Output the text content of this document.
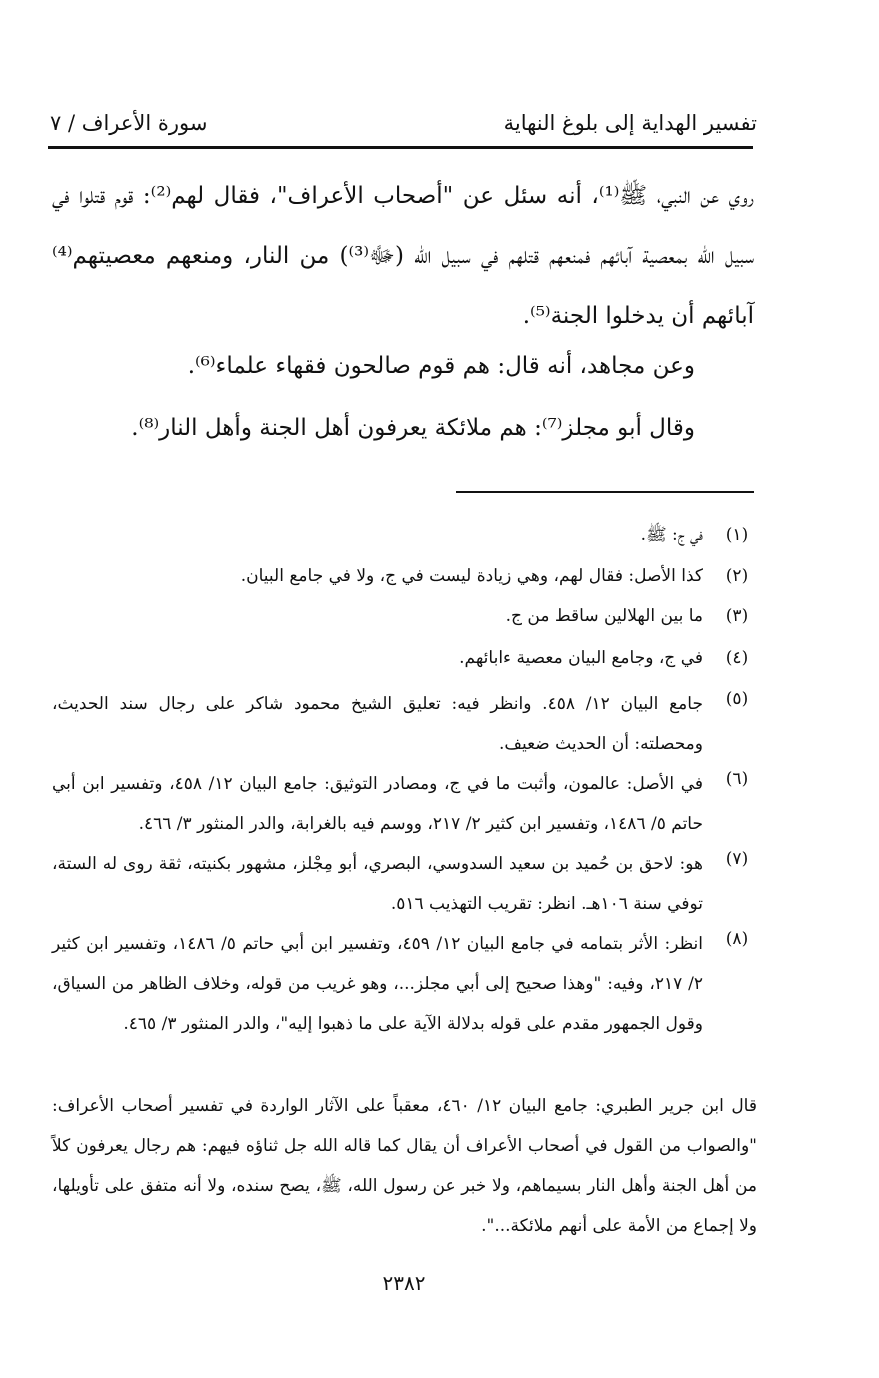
تفسير الهداية إلى بلوغ النهاية
سورة الأعراف / ٧
روي عن النبي، ﷺ⁽¹⁾، أنه سئل عن "أصحاب الأعراف"، فقال لهم⁽²⁾: قوم قتلوا في سبيل الله بمعصية آبائهم فمنعهم قتلهم في سبيل الله (ﷻ⁽³⁾) من النار، ومنعهم معصيتهم⁽⁴⁾ آبائهم أن يدخلوا الجنة⁽⁵⁾.
وعن مجاهد، أنه قال: هم قوم صالحون فقهاء علماء⁽⁶⁾.
وقال أبو مجلز⁽⁷⁾: هم ملائكة يعرفون أهل الجنة وأهل النار⁽⁸⁾.
(١)
في ج: ﷺ.
(٢)
كذا الأصل: فقال لهم، وهي زيادة ليست في ج، ولا في جامع البيان.
(٣)
ما بين الهلالين ساقط من ج.
(٤)
في ج، وجامع البيان معصية ءابائهم.
(٥)
جامع البيان ١٢/ ٤٥٨. وانظر فيه: تعليق الشيخ محمود شاكر على رجال سند الحديث، ومحصلته: أن الحديث ضعيف.
(٦)
في الأصل: عالمون، وأثبت ما في ج، ومصادر التوثيق: جامع البيان ١٢/ ٤٥٨، وتفسير ابن أبي حاتم ٥/ ١٤٨٦، وتفسير ابن كثير ٢/ ٢١٧، ووسم فيه بالغرابة، والدر المنثور ٣/ ٤٦٦.
(٧)
هو: لاحق بن حُميد بن سعيد السدوسي، البصري، أبو مِجْلز، مشهور بكنيته، ثقة روى له الستة، توفي سنة ١٠٦هـ. انظر: تقريب التهذيب ٥١٦.
(٨)
انظر: الأثر بتمامه في جامع البيان ١٢/ ٤٥٩، وتفسير ابن أبي حاتم ٥/ ١٤٨٦، وتفسير ابن كثير ٢/ ٢١٧، وفيه: "وهذا صحيح إلى أبي مجلز...، وهو غريب من قوله، وخلاف الظاهر من السياق، وقول الجمهور مقدم على قوله بدلالة الآية على ما ذهبوا إليه"، والدر المنثور ٣/ ٤٦٥.
قال ابن جرير الطبري: جامع البيان ١٢/ ٤٦٠، معقباً على الآثار الواردة في تفسير أصحاب الأعراف: "والصواب من القول في أصحاب الأعراف أن يقال كما قاله الله جل ثناؤه فيهم: هم رجال يعرفون كلاً من أهل الجنة وأهل النار بسيماهم، ولا خبر عن رسول الله، ﷺ، يصح سنده، ولا أنه متفق على تأويلها، ولا إجماع من الأمة على أنهم ملائكة...".
٢٣٨٢
